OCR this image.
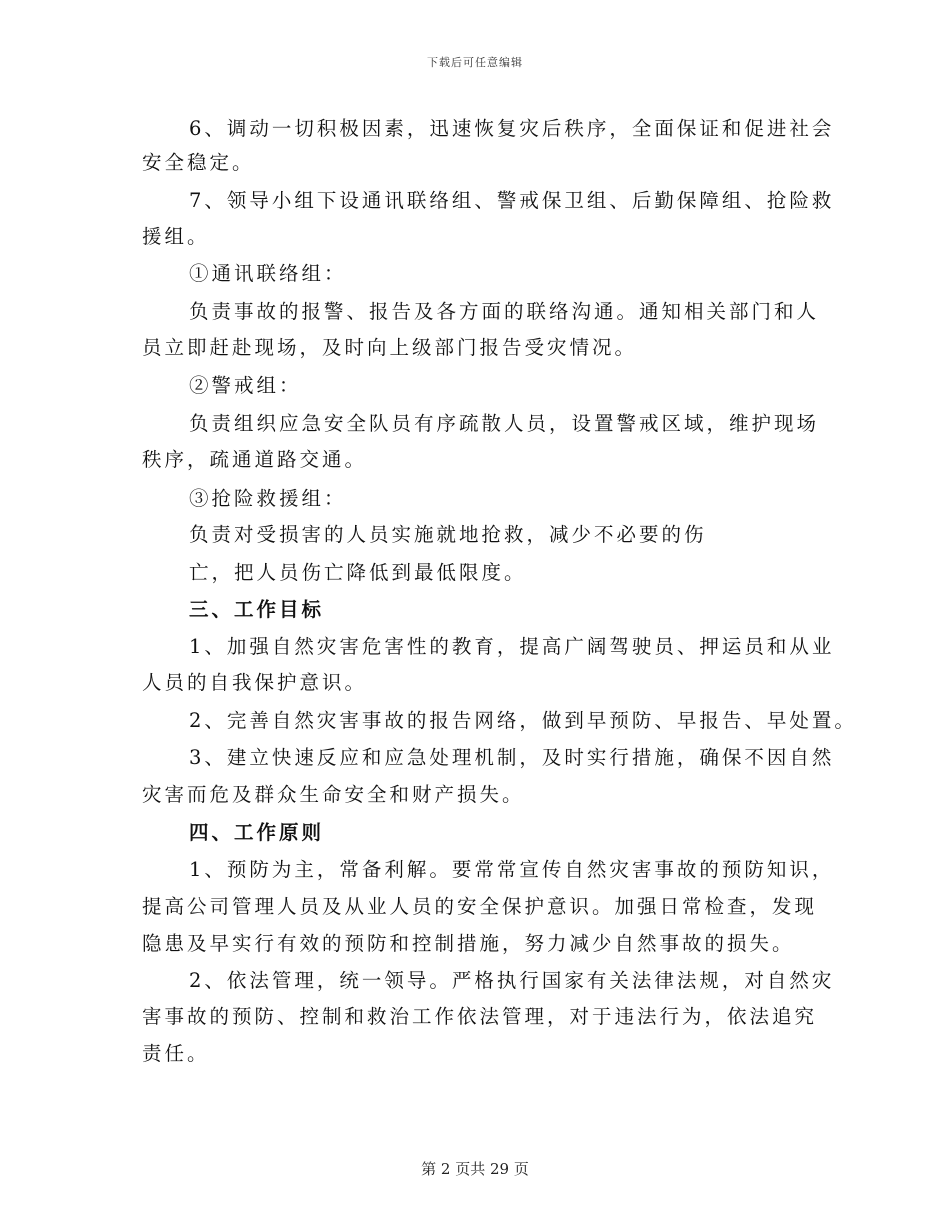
下载后可任意编辑
6、调动一切积极因素，迅速恢复灾后秩序，全面保证和促进社会
安全稳定。
7、领导小组下设通讯联络组、警戒保卫组、后勤保障组、抢险救
援组。
①通讯联络组：
负责事故的报警、报告及各方面的联络沟通。通知相关部门和人
员立即赶赴现场，及时向上级部门报告受灾情况。
②警戒组：
负责组织应急安全队员有序疏散人员，设置警戒区域，维护现场
秩序，疏通道路交通。
③抢险救援组：
负责对受损害的人员实施就地抢救，减少不必要的伤
亡，把人员伤亡降低到最低限度。
三、工作目标
1、加强自然灾害危害性的教育，提高广阔驾驶员、押运员和从业
人员的自我保护意识。
2、完善自然灾害事故的报告网络，做到早预防、早报告、早处置。
3、建立快速反应和应急处理机制，及时实行措施，确保不因自然
灾害而危及群众生命安全和财产损失。
四、工作原则
1、预防为主，常备利解。要常常宣传自然灾害事故的预防知识，
提高公司管理人员及从业人员的安全保护意识。加强日常检查，发现
隐患及早实行有效的预防和控制措施，努力减少自然事故的损失。
2、依法管理，统一领导。严格执行国家有关法律法规，对自然灾
害事故的预防、控制和救治工作依法管理，对于违法行为，依法追究
责任。
第 2 页共 29 页
